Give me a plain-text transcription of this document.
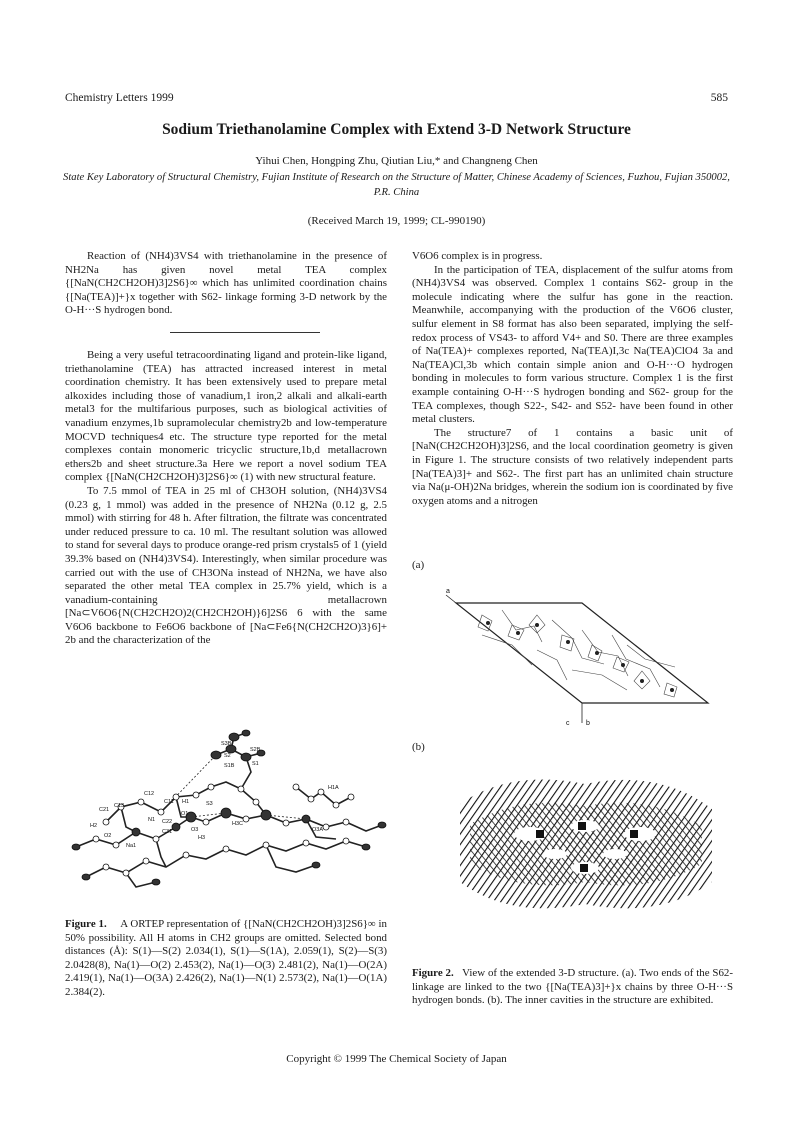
Chemistry Letters 1999	585
Sodium Triethanolamine Complex with Extend 3-D Network Structure
Yihui Chen, Hongping Zhu, Qiutian Liu,* and Changneng Chen
State Key Laboratory of Structural Chemistry, Fujian Institute of Research on the Structure of Matter, Chinese Academy of Sciences, Fuzhou, Fujian 350002, P.R. China
(Received March 19, 1999; CL-990190)

Reaction of (NH4)3VS4 with triethanolamine in the presence of NH2Na has given novel metal TEA complex {[NaN(CH2CH2OH)3]2S6}∞ which has unlimited coordination chains {[Na(TEA)]+}x together with S62- linkage forming 3-D network by the O-H···S hydrogen bond.

Being a very useful tetracoordinating ligand and protein-like ligand, triethanolamine (TEA) has attracted increased interest in metal coordination chemistry. It has been extensively used to prepare metal alkoxides including those of vanadium,1 iron,2 alkali and alkali-earth metal3 for the multifarious purposes, such as biological activities of vanadium enzymes,1b supramolecular chemistry2b and low-temperature MOCVD techniques4 etc. The structure type reported for the metal complexes contain monomeric tricyclic structure,1b,d metallacrown ethers2b and sheet structure.3a Here we report a novel sodium TEA complex {[NaN(CH2CH2OH)3]2S6}∞ (1) with new structural feature.

To 7.5 mmol of TEA in 25 ml of CH3OH solution, (NH4)3VS4 (0.23 g, 1 mmol) was added in the presence of NH2Na (0.12 g, 2.5 mmol) with stirring for 48 h. After filtration, the filtrate was concentrated under reduced pressure to ca. 10 ml. The resultant solution was allowed to stand for several days to produce orange-red prism crystals5 of 1 (yield 39.3% based on (NH4)3VS4). Interestingly, when similar procedure was carried out with the use of CH3ONa instead of NH2Na, we have also separated the other metal TEA complex in 25.7% yield, which is a vanadium-containing metallacrown [Na⊂V6O6{N(CH2CH2O)2(CH2CH2OH)}6]2S6 6 with the same V6O6 backbone to Fe6O6 backbone of [Na⊂Fe6{N(CH2CH2O)3}6]+ 2b and the characterization of the

V6O6 complex is in progress.

In the participation of TEA, displacement of the sulfur atoms from (NH4)3VS4 was observed. Complex 1 contains S62- group in the molecule indicating where the sulfur has gone in the reaction. Meanwhile, accompanying with the production of the V6O6 cluster, sulfur element in S8 format has also been separated, implying the self-redox process of VS43- to afford V4+ and S0. There are three examples of Na(TEA)+ complexes reported, Na(TEA)I,3c Na(TEA)ClO4 3a and Na(TEA)Cl,3b which contain simple anion and O-H···O hydrogen bonding in molecules to form various structure. Complex 1 is the first example containing O-H···S hydrogen bonding and S62- group for the TEA complexes, though S22-, S42- and S52- have been found in other metal clusters.

The structure7 of 1 contains a basic unit of [NaN(CH2CH2OH)3]2S6, and the local coordination geometry is given in Figure 1. The structure consists of two relatively independent parts [Na(TEA)3]+ and S62-. The first part has an unlimited chain structure via Na(μ-OH)2Na bridges, wherein the sodium ion is coordinated by five oxygen atoms and a nitrogen

S3B
S2
S2B
S1B	S1
C12
C11 H1
O1
S3
C13
N1 C22
H1A
C21
H2
O2
Na1
C31
H3C
O3A
O3
H3
Figure 1. A ORTEP representation of {[NaN(CH2CH2OH)3]2S6}∞ in 50% possibility. All H atoms in CH2 groups are omitted. Selected bond distances (Å): S(1)—S(2) 2.034(1), S(1)—S(1A), 2.059(1), S(2)—S(3) 2.0428(8), Na(1)—O(2) 2.453(2), Na(1)—O(3) 2.481(2), Na(1)—O(2A) 2.419(1), Na(1)—O(3A) 2.426(2), Na(1)—N(1) 2.573(2), Na(1)—O(1A) 2.384(2).
(a)
(b)
a
b
c
Figure 2. View of the extended 3-D structure. (a). Two ends of the S62- linkage are linked to the two {[Na(TEA)3]+}x chains by three O-H···S hydrogen bonds. (b). The inner cavities in the structure are exhibited.
Copyright © 1999 The Chemical Society of Japan
